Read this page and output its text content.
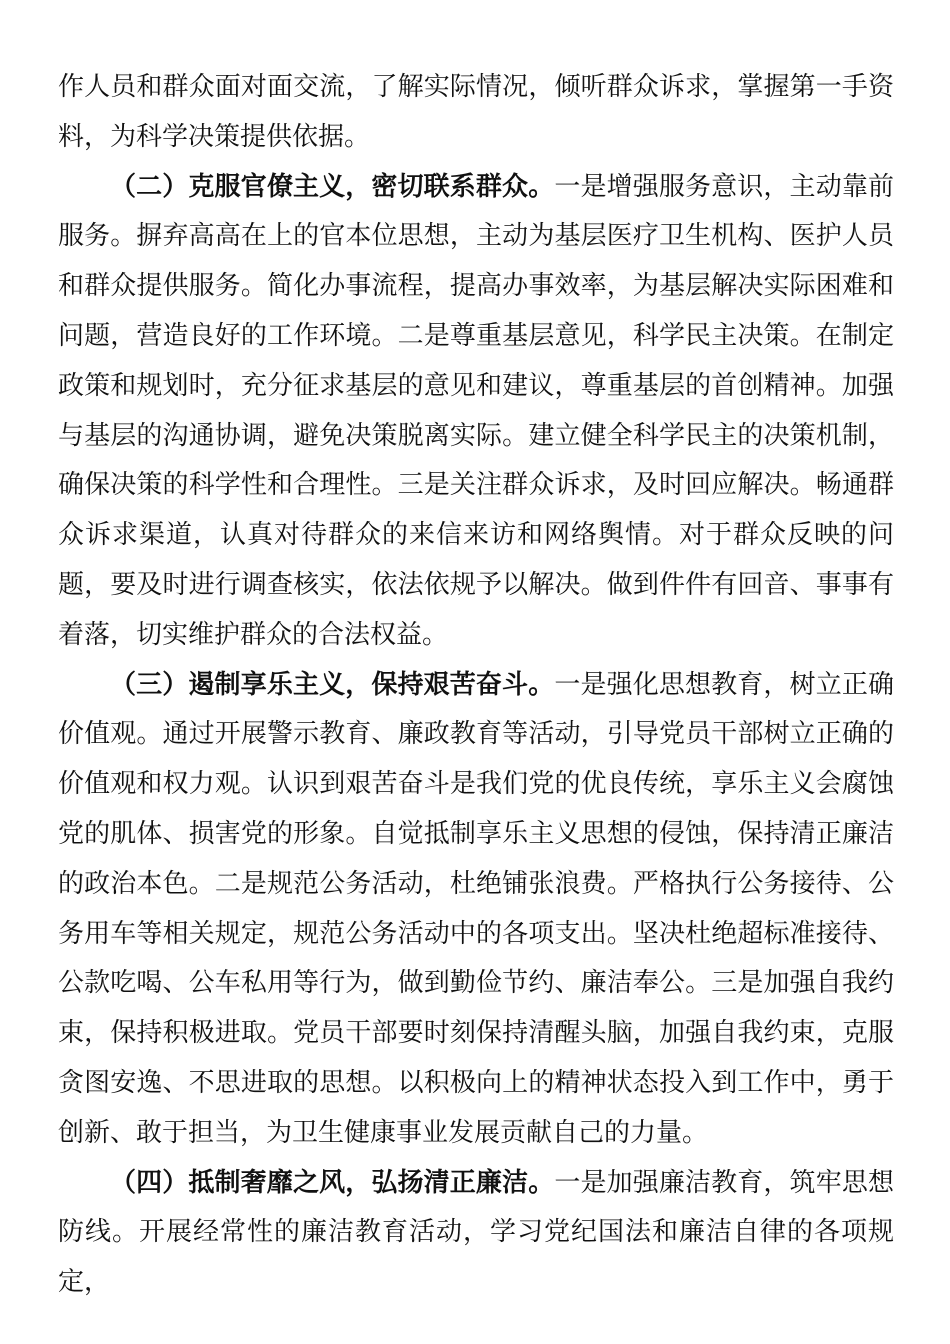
作人员和群众面对面交流，了解实际情况，倾听群众诉求，掌握第一手资料，为科学决策提供依据。

（二）克服官僚主义，密切联系群众。一是增强服务意识，主动靠前服务。摒弃高高在上的官本位思想，主动为基层医疗卫生机构、医护人员和群众提供服务。简化办事流程，提高办事效率，为基层解决实际困难和问题，营造良好的工作环境。二是尊重基层意见，科学民主决策。在制定政策和规划时，充分征求基层的意见和建议，尊重基层的首创精神。加强与基层的沟通协调，避免决策脱离实际。建立健全科学民主的决策机制，确保决策的科学性和合理性。三是关注群众诉求，及时回应解决。畅通群众诉求渠道，认真对待群众的来信来访和网络舆情。对于群众反映的问题，要及时进行调查核实，依法依规予以解决。做到件件有回音、事事有着落，切实维护群众的合法权益。

（三）遏制享乐主义，保持艰苦奋斗。一是强化思想教育，树立正确价值观。通过开展警示教育、廉政教育等活动，引导党员干部树立正确的价值观和权力观。认识到艰苦奋斗是我们党的优良传统，享乐主义会腐蚀党的肌体、损害党的形象。自觉抵制享乐主义思想的侵蚀，保持清正廉洁的政治本色。二是规范公务活动，杜绝铺张浪费。严格执行公务接待、公务用车等相关规定，规范公务活动中的各项支出。坚决杜绝超标准接待、公款吃喝、公车私用等行为，做到勤俭节约、廉洁奉公。三是加强自我约束，保持积极进取。党员干部要时刻保持清醒头脑，加强自我约束，克服贪图安逸、不思进取的思想。以积极向上的精神状态投入到工作中，勇于创新、敢于担当，为卫生健康事业发展贡献自己的力量。

（四）抵制奢靡之风，弘扬清正廉洁。一是加强廉洁教育，筑牢思想防线。开展经常性的廉洁教育活动，学习党纪国法和廉洁自律的各项规定，
